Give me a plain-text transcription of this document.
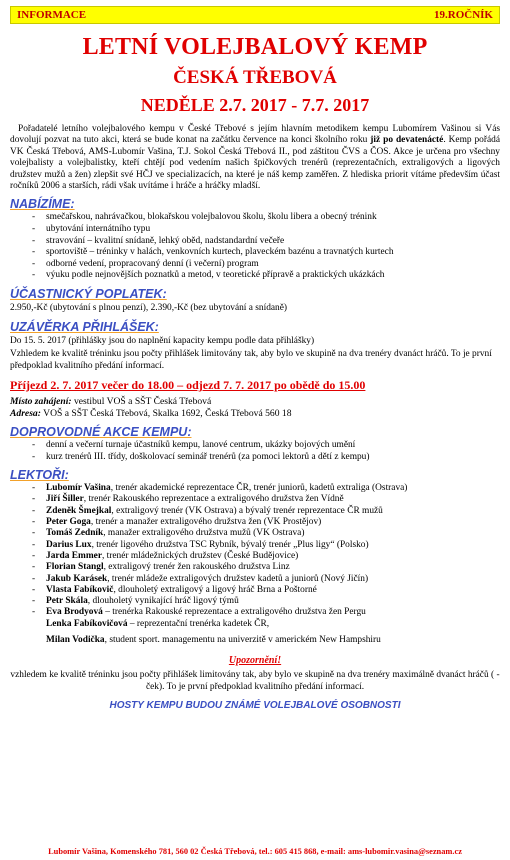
INFORMACE	19.ROČNÍK
LETNÍ VOLEJBALOVÝ KEMP
ČESKÁ TŘEBOVÁ
NEDĚLE 2.7. 2017 - 7.7. 2017
Pořadatelé letního volejbalového kempu v České Třebové s jejím hlavním metodikem kempu Lubomírem Vašinou si Vás dovolují pozvat na tuto akci, která se bude konat na začátku července na konci školního roku již po devatenácté. Kemp pořádá VK Česká Třebová, AMS-Lubomír Vašina, T.J. Sokol Česká Třebová II., pod záštitou ČVS a ČOS. Akce je určena pro všechny volejbalisty a volejbalistky, kteří chtějí pod vedením našich špičkových trenérů (reprezentačních, extraligových a ligových družstev mužů a žen) zlepšit své HČJ ve specializacích, na které je náš kemp zaměřen. Z hlediska priorit vítáme především účast ročníků 2006 a starších, rádi však uvítáme i hráče a hráčky mladší.
NABÍZÍME:
- smečařskou, nahrávačkou, blokařskou volejbalovou školu, školu libera a obecný trénink
- ubytování internátního typu
- stravování – kvalitní snídaně, lehký oběd, nadstandardní večeře
- sportoviště – tréninky v halách, venkovních kurtech, plaveckém bazénu a travnatých kurtech
- odborné vedení, propracovaný denní (i večerní) program
- výuku podle nejnovějších poznatků a metod, v teoretické přípravě a praktických ukázkách
ÚČASTNICKÝ POPLATEK:
2.950,-Kč (ubytování s plnou penzí), 2.390,-Kč (bez ubytování a snídaně)
UZÁVĚRKA PŘIHLÁŠEK:
Do 15. 5. 2017 (přihlášky jsou do naplnění kapacity kempu podle data přihlášky)
Vzhledem ke kvalitě tréninku jsou počty přihlášek limitovány tak, aby bylo ve skupině na dva trenéry dvanáct hráčů. To je první předpoklad kvalitního předání informací.
Příjezd 2. 7. 2017 večer do 18.00 – odjezd 7. 7. 2017 po obědě do 15.00
Místo zahájení: vestibul VOŠ a SŠT Česká Třebová
Adresa: VOŠ a SŠT Česká Třebová, Skalka 1692, Česká Třebová 560 18
DOPROVODNÉ AKCE KEMPU:
- denní a večerní turnaje účastníků kempu, lanové centrum, ukázky bojových umění
- kurz trenérů III. třídy, doškolovací seminář trenérů (za pomoci lektorů a dětí z kempu)
LEKTOŘI:
- Lubomír Vašina, trenér akademické reprezentace ČR, trenér juniorů, kadetů extraliga (Ostrava)
- Jiří Šiller, trenér Rakouského reprezentace a extraligového družstva žen Vídně
- Zdeněk Šmejkal, extraligový trenér (VK Ostrava) a bývalý trenér reprezentace ČR mužů
- Peter Goga, trenér a manažer extraligového družstva žen (VK Prostějov)
- Tomáš Zedník, manažer extraligového družstva mužů (VK Ostrava)
- Darius Lux, trenér ligového družstva TSC Rybník, bývalý trenér „Plus ligy“ (Polsko)
- Jarda Emmer, trenér mládežnických družstev (České Budějovice)
- Florian Stangl, extraligový trenér žen rakouského družstva Linz
- Jakub Karásek, trenér mládeže extraligových družstev kadetů a juniorů (Nový Jičín)
- Vlasta Fabíkovič, dlouholetý extraligový a ligový hráč Brna a Poštorné
- Petr Skála, dlouholetý vynikající hráč ligový týmů
- Eva Brodyová – trenérka Rakouské reprezentace a extraligového družstva žen Pergu
Lenka Fabíkovičová – reprezentační trenérka kadetek ČR,
Milan Vodička, student sport. managementu na univerzitě v americkém New Hampshiru
Upozornění!
vzhledem ke kvalitě tréninku jsou počty přihlášek limitovány tak, aby bylo ve skupině na dva trenéry maximálně dvanáct hráčů ( -ček). To je první předpoklad kvalitního předání informací.
HOSTY KEMPU BUDOU ZNÁMÉ VOLEJBALOVÉ OSOBNOSTI
Lubomír Vašina, Komenského 781, 560 02 Česká Třebová, tel.: 605 415 868, e-mail: ams-lubomir.vasina@seznam.cz
